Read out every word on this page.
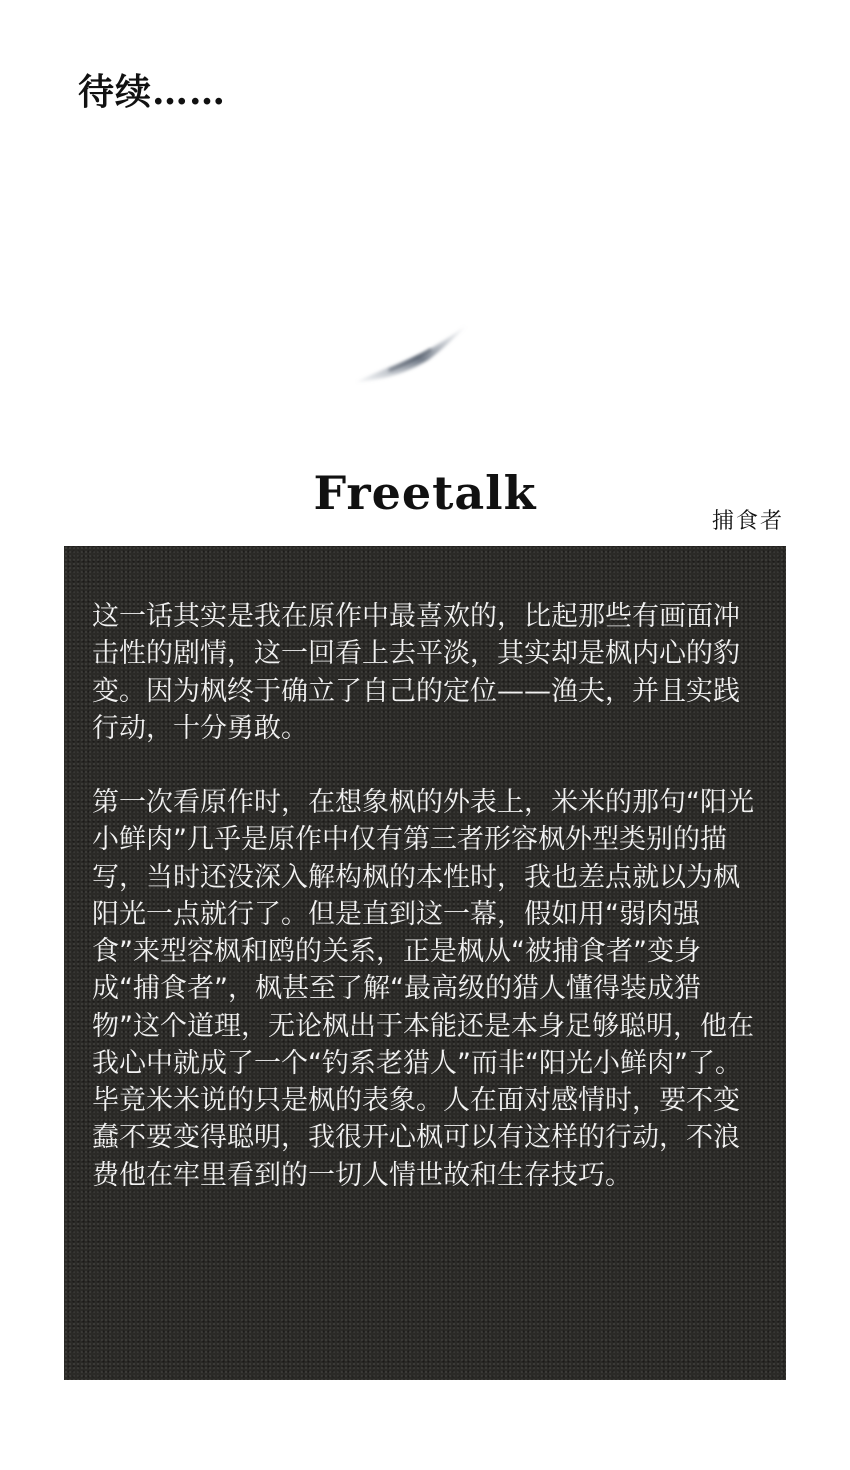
待续……
Freetalk
捕食者

这一话其实是我在原作中最喜欢的，比起那些有画面冲击性的剧情，这一回看上去平淡，其实却是枫内心的豹变。因为枫终于确立了自己的定位——渔夫，并且实践行动，十分勇敢。

第一次看原作时，在想象枫的外表上，米米的那句“阳光小鲜肉”几乎是原作中仅有第三者形容枫外型类别的描写，当时还没深入解构枫的本性时，我也差点就以为枫阳光一点就行了。但是直到这一幕，假如用“弱肉强食”来型容枫和鸥的关系，正是枫从“被捕食者”变身成“捕食者”，枫甚至了解“最高级的猎人懂得装成猎物”这个道理，无论枫出于本能还是本身足够聪明，他在我心中就成了一个“钓系老猎人”而非“阳光小鲜肉”了。毕竟米米说的只是枫的表象。人在面对感情时，要不变蠢不要变得聪明，我很开心枫可以有这样的行动，不浪费他在牢里看到的一切人情世故和生存技巧。
